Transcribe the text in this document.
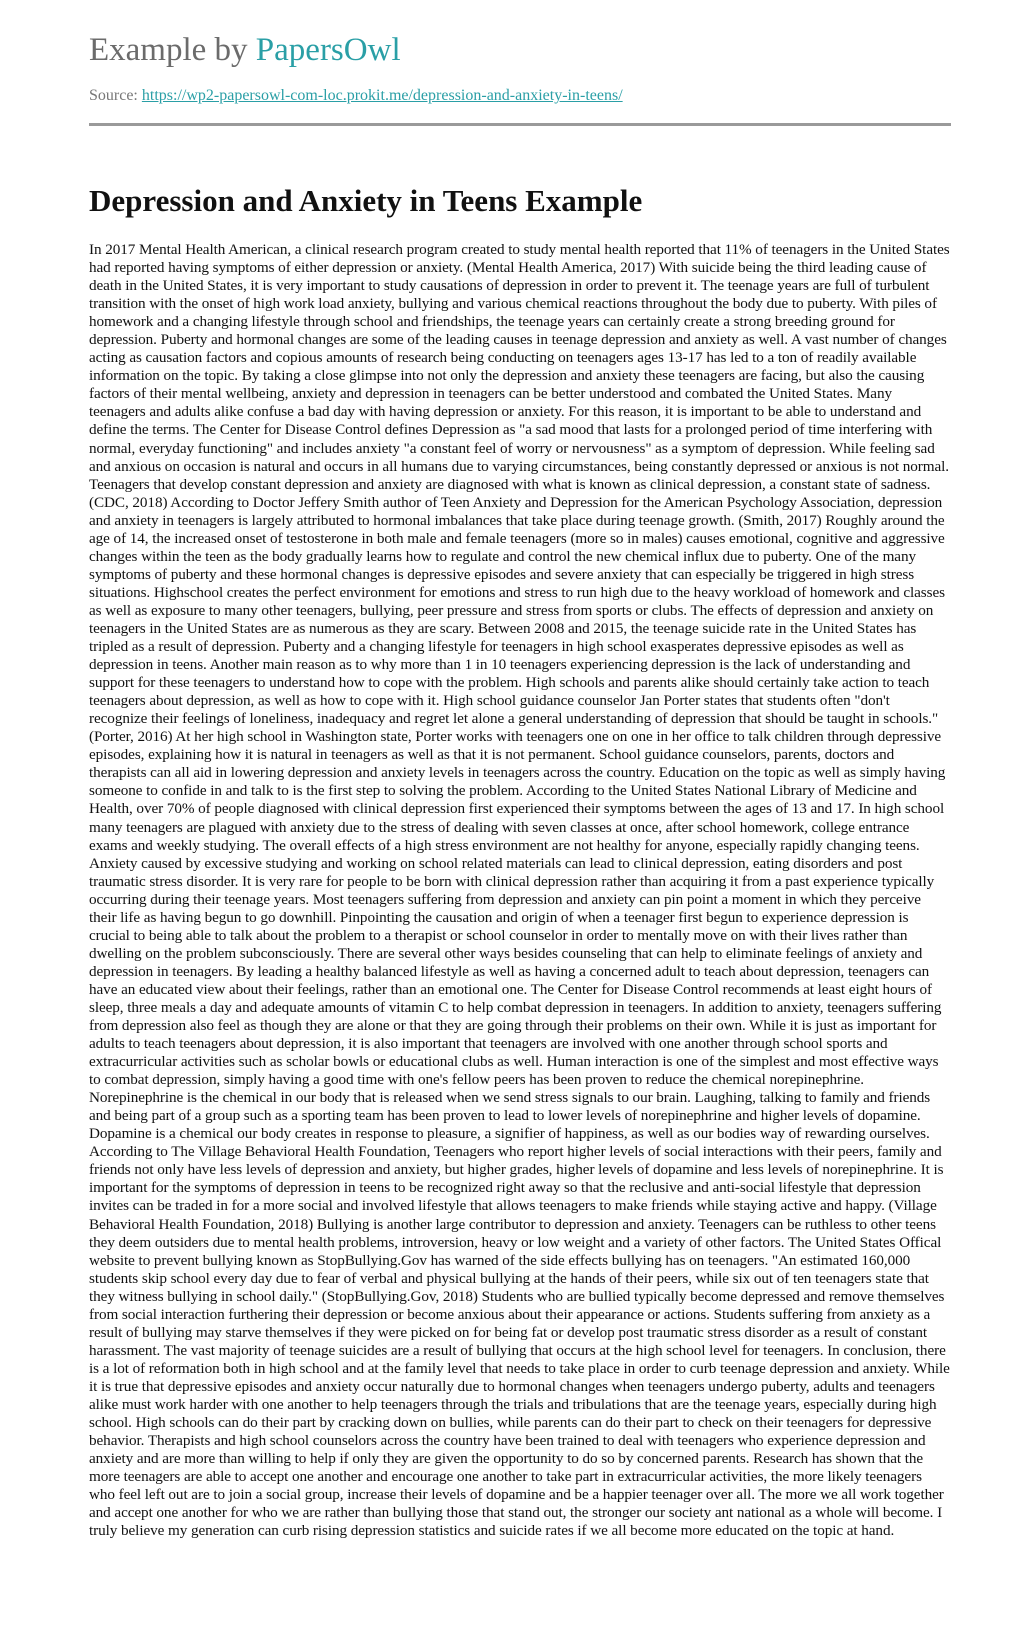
Example by PapersOwl
Source: https://wp2-papersowl-com-loc.prokit.me/depression-and-anxiety-in-teens/
Depression and Anxiety in Teens Example

In 2017 Mental Health American, a clinical research program created to study mental health reported that 11% of teenagers in the United States had reported having symptoms of either depression or anxiety. (Mental Health America, 2017) With suicide being the third leading cause of death in the United States, it is very important to study causations of depression in order to prevent it. The teenage years are full of turbulent transition with the onset of high work load anxiety, bullying and various chemical reactions throughout the body due to puberty. With piles of homework and a changing lifestyle through school and friendships, the teenage years can certainly create a strong breeding ground for depression. Puberty and hormonal changes are some of the leading causes in teenage depression and anxiety as well. A vast number of changes acting as causation factors and copious amounts of research being conducting on teenagers ages 13-17 has led to a ton of readily available information on the topic. By taking a close glimpse into not only the depression and anxiety these teenagers are facing, but also the causing factors of their mental wellbeing, anxiety and depression in teenagers can be better understood and combated the United States. Many teenagers and adults alike confuse a bad day with having depression or anxiety. For this reason, it is important to be able to understand and define the terms. The Center for Disease Control defines Depression as "a sad mood that lasts for a prolonged period of time interfering with normal, everyday functioning" and includes anxiety "a constant feel of worry or nervousness" as a symptom of depression. While feeling sad and anxious on occasion is natural and occurs in all humans due to varying circumstances, being constantly depressed or anxious is not normal. Teenagers that develop constant depression and anxiety are diagnosed with what is known as clinical depression, a constant state of sadness. (CDC, 2018) According to Doctor Jeffery Smith author of Teen Anxiety and Depression for the American Psychology Association, depression and anxiety in teenagers is largely attributed to hormonal imbalances that take place during teenage growth. (Smith, 2017) Roughly around the age of 14, the increased onset of testosterone in both male and female teenagers (more so in males) causes emotional, cognitive and aggressive changes within the teen as the body gradually learns how to regulate and control the new chemical influx due to puberty. One of the many symptoms of puberty and these hormonal changes is depressive episodes and severe anxiety that can especially be triggered in high stress situations. Highschool creates the perfect environment for emotions and stress to run high due to the heavy workload of homework and classes as well as exposure to many other teenagers, bullying, peer pressure and stress from sports or clubs. The effects of depression and anxiety on teenagers in the United States are as numerous as they are scary. Between 2008 and 2015, the teenage suicide rate in the United States has tripled as a result of depression. Puberty and a changing lifestyle for teenagers in high school exasperates depressive episodes as well as depression in teens. Another main reason as to why more than 1 in 10 teenagers experiencing depression is the lack of understanding and support for these teenagers to understand how to cope with the problem. High schools and parents alike should certainly take action to teach teenagers about depression, as well as how to cope with it. High school guidance counselor Jan Porter states that students often "don't recognize their feelings of loneliness, inadequacy and regret let alone a general understanding of depression that should be taught in schools." (Porter, 2016) At her high school in Washington state, Porter works with teenagers one on one in her office to talk children through depressive episodes, explaining how it is natural in teenagers as well as that it is not permanent. School guidance counselors, parents, doctors and therapists can all aid in lowering depression and anxiety levels in teenagers across the country. Education on the topic as well as simply having someone to confide in and talk to is the first step to solving the problem. According to the United States National Library of Medicine and Health, over 70% of people diagnosed with clinical depression first experienced their symptoms between the ages of 13 and 17. In high school many teenagers are plagued with anxiety due to the stress of dealing with seven classes at once, after school homework, college entrance exams and weekly studying. The overall effects of a high stress environment are not healthy for anyone, especially rapidly changing teens. Anxiety caused by excessive studying and working on school related materials can lead to clinical depression, eating disorders and post traumatic stress disorder. It is very rare for people to be born with clinical depression rather than acquiring it from a past experience typically occurring during their teenage years. Most teenagers suffering from depression and anxiety can pin point a moment in which they perceive their life as having begun to go downhill. Pinpointing the causation and origin of when a teenager first begun to experience depression is crucial to being able to talk about the problem to a therapist or school counselor in order to mentally move on with their lives rather than dwelling on the problem subconsciously. There are several other ways besides counseling that can help to eliminate feelings of anxiety and depression in teenagers. By leading a healthy balanced lifestyle as well as having a concerned adult to teach about depression, teenagers can have an educated view about their feelings, rather than an emotional one. The Center for Disease Control recommends at least eight hours of sleep, three meals a day and adequate amounts of vitamin C to help combat depression in teenagers. In addition to anxiety, teenagers suffering from depression also feel as though they are alone or that they are going through their problems on their own. While it is just as important for adults to teach teenagers about depression, it is also important that teenagers are involved with one another through school sports and extracurricular activities such as scholar bowls or educational clubs as well. Human interaction is one of the simplest and most effective ways to combat depression, simply having a good time with one's fellow peers has been proven to reduce the chemical norepinephrine. Norepinephrine is the chemical in our body that is released when we send stress signals to our brain. Laughing, talking to family and friends and being part of a group such as a sporting team has been proven to lead to lower levels of norepinephrine and higher levels of dopamine. Dopamine is a chemical our body creates in response to pleasure, a signifier of happiness, as well as our bodies way of rewarding ourselves. According to The Village Behavioral Health Foundation, Teenagers who report higher levels of social interactions with their peers, family and friends not only have less levels of depression and anxiety, but higher grades, higher levels of dopamine and less levels of norepinephrine. It is important for the symptoms of depression in teens to be recognized right away so that the reclusive and anti-social lifestyle that depression invites can be traded in for a more social and involved lifestyle that allows teenagers to make friends while staying active and happy. (Village Behavioral Health Foundation, 2018) Bullying is another large contributor to depression and anxiety. Teenagers can be ruthless to other teens they deem outsiders due to mental health problems, introversion, heavy or low weight and a variety of other factors. The United States Offical website to prevent bullying known as StopBullying.Gov has warned of the side effects bullying has on teenagers. "An estimated 160,000 students skip school every day due to fear of verbal and physical bullying at the hands of their peers, while six out of ten teenagers state that they witness bullying in school daily." (StopBullying.Gov, 2018) Students who are bullied typically become depressed and remove themselves from social interaction furthering their depression or become anxious about their appearance or actions. Students suffering from anxiety as a result of bullying may starve themselves if they were picked on for being fat or develop post traumatic stress disorder as a result of constant harassment. The vast majority of teenage suicides are a result of bullying that occurs at the high school level for teenagers. In conclusion, there is a lot of reformation both in high school and at the family level that needs to take place in order to curb teenage depression and anxiety. While it is true that depressive episodes and anxiety occur naturally due to hormonal changes when teenagers undergo puberty, adults and teenagers alike must work harder with one another to help teenagers through the trials and tribulations that are the teenage years, especially during high school. High schools can do their part by cracking down on bullies, while parents can do their part to check on their teenagers for depressive behavior. Therapists and high school counselors across the country have been trained to deal with teenagers who experience depression and anxiety and are more than willing to help if only they are given the opportunity to do so by concerned parents. Research has shown that the more teenagers are able to accept one another and encourage one another to take part in extracurricular activities, the more likely teenagers who feel left out are to join a social group, increase their levels of dopamine and be a happier teenager over all. The more we all work together and accept one another for who we are rather than bullying those that stand out, the stronger our society ant national as a whole will become. I truly believe my generation can curb rising depression statistics and suicide rates if we all become more educated on the topic at hand.
